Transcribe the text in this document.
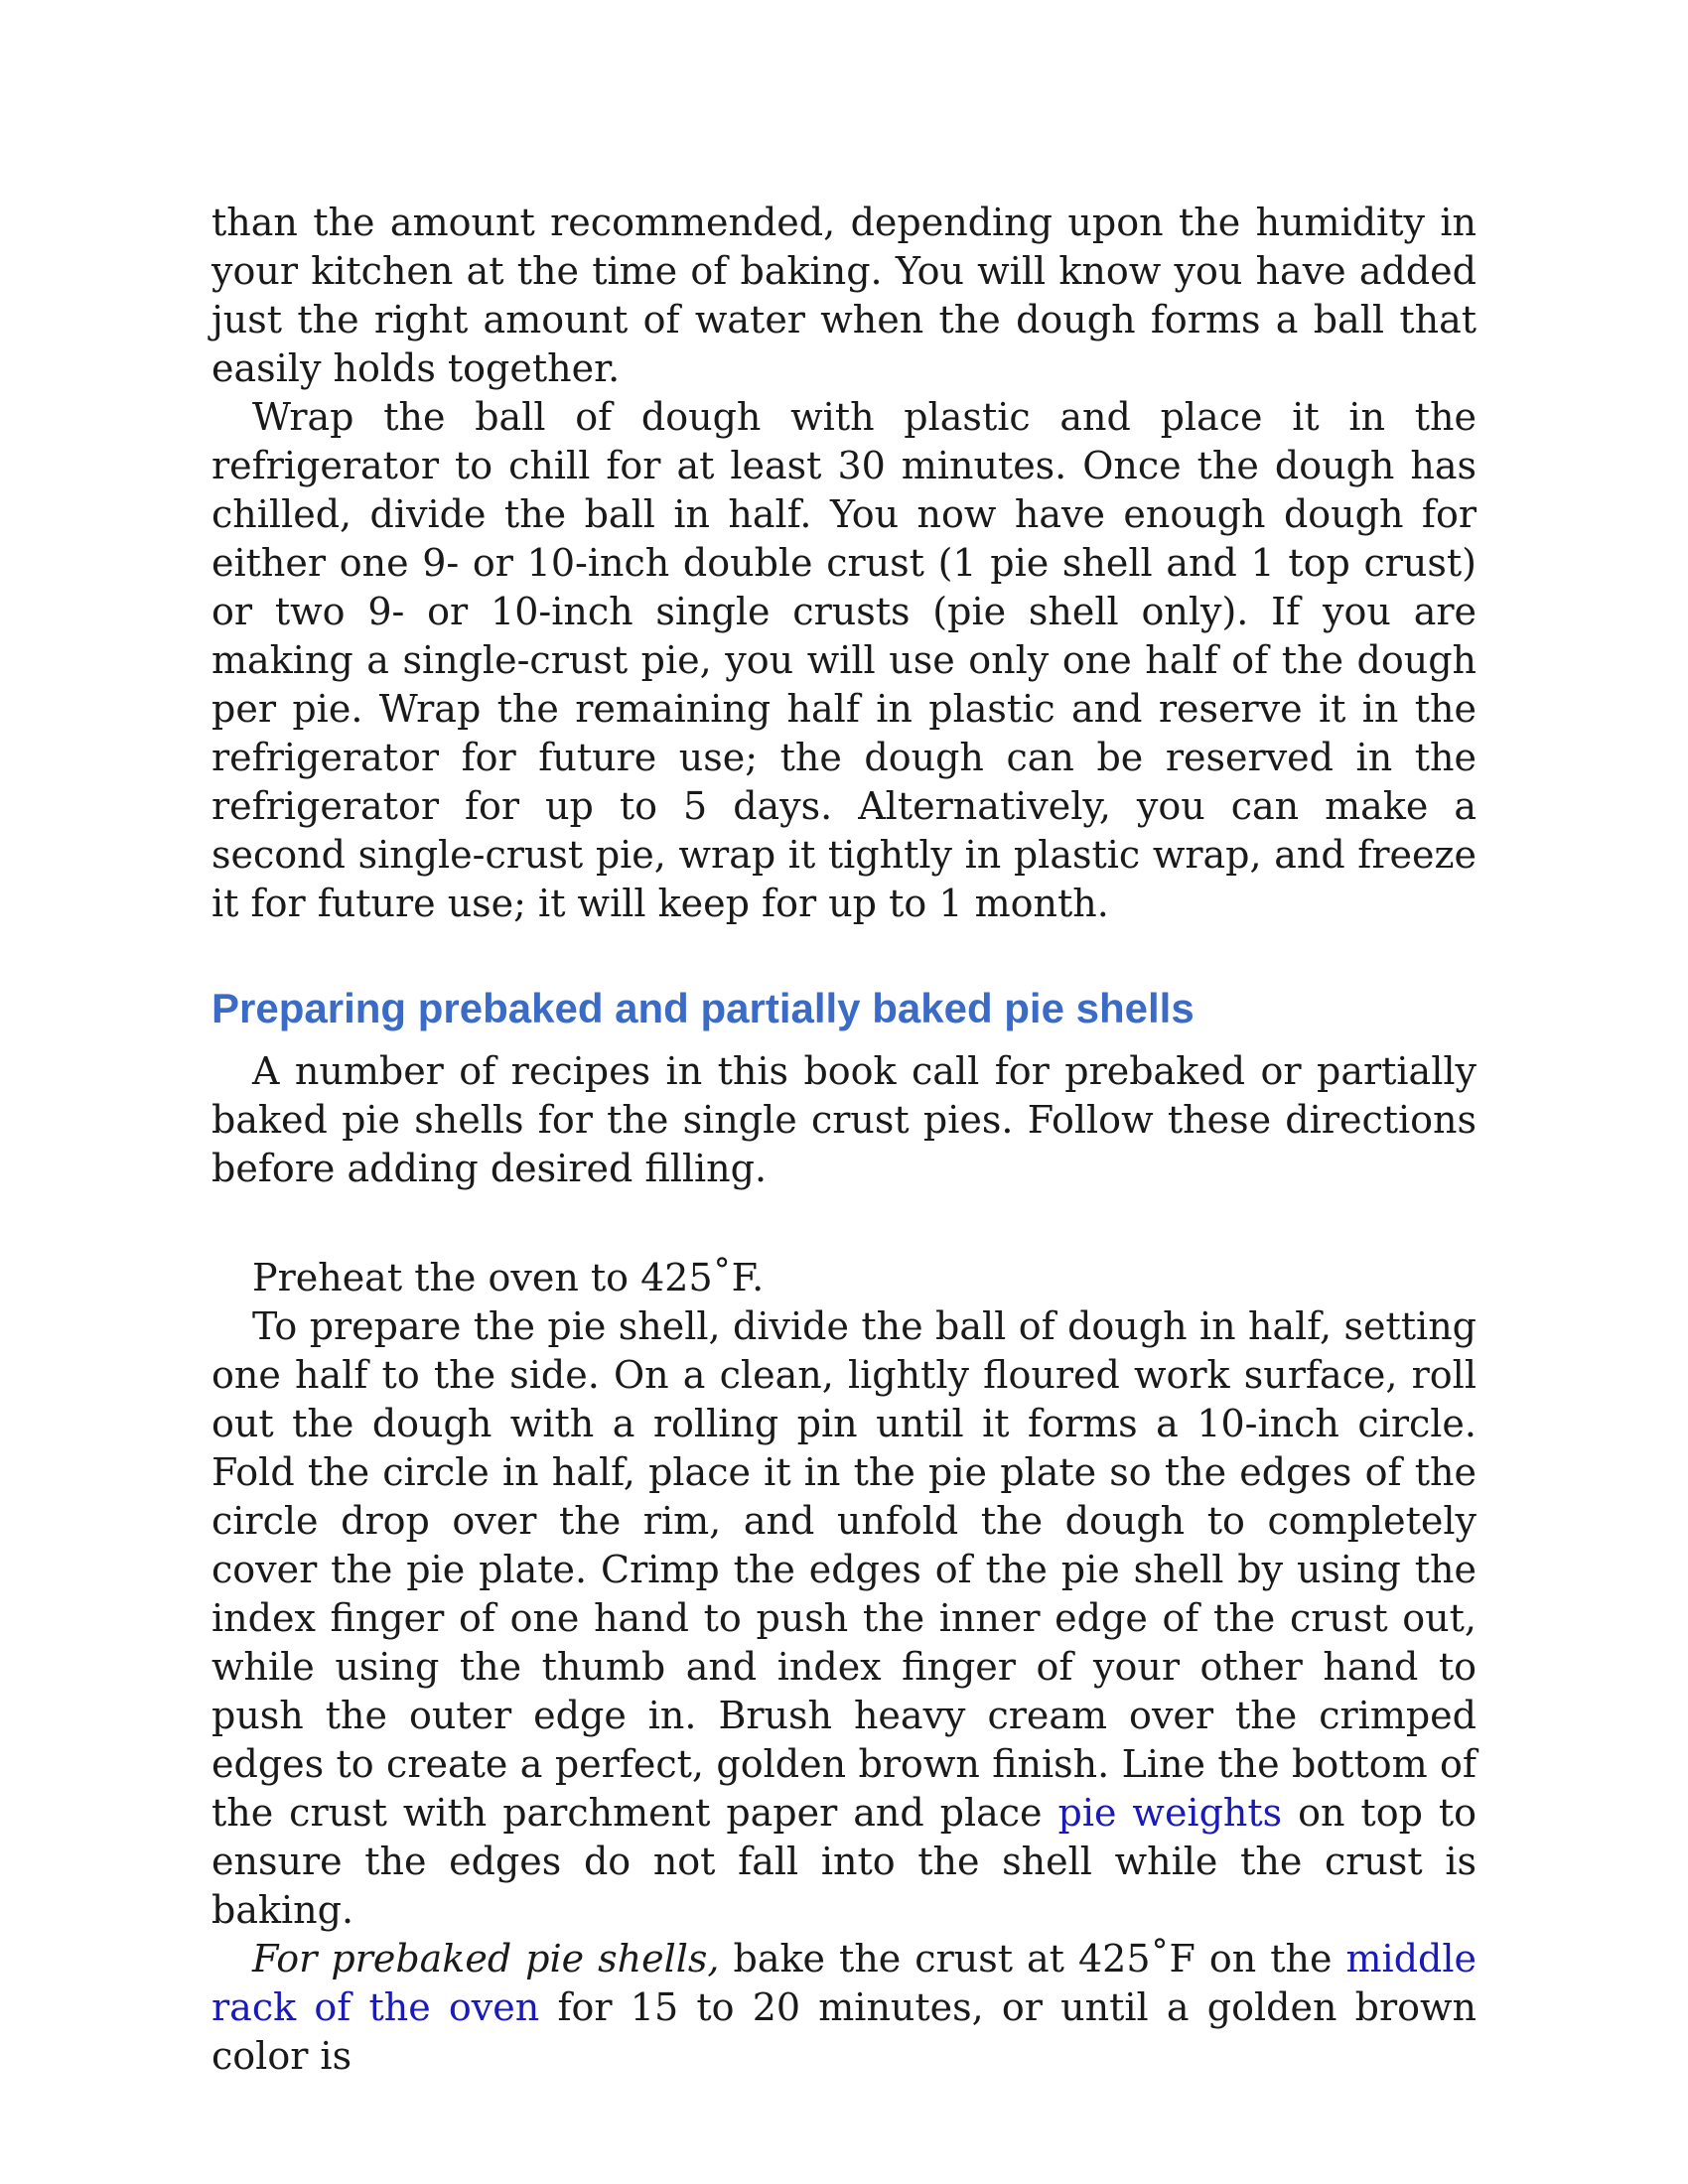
than the amount recommended, depending upon the humidity in your kitchen at the time of baking. You will know you have added just the right amount of water when the dough forms a ball that easily holds together.

Wrap the ball of dough with plastic and place it in the refrigerator to chill for at least 30 minutes. Once the dough has chilled, divide the ball in half. You now have enough dough for either one 9- or 10-inch double crust (1 pie shell and 1 top crust) or two 9- or 10-inch single crusts (pie shell only). If you are making a single-crust pie, you will use only one half of the dough per pie. Wrap the remaining half in plastic and reserve it in the refrigerator for future use; the dough can be reserved in the refrigerator for up to 5 days. Alternatively, you can make a second single-crust pie, wrap it tightly in plastic wrap, and freeze it for future use; it will keep for up to 1 month.

Preparing prebaked and partially baked pie shells

A number of recipes in this book call for prebaked or partially baked pie shells for the single crust pies. Follow these directions before adding desired filling.

Preheat the oven to 425˚F.

To prepare the pie shell, divide the ball of dough in half, setting one half to the side. On a clean, lightly floured work surface, roll out the dough with a rolling pin until it forms a 10-inch circle. Fold the circle in half, place it in the pie plate so the edges of the circle drop over the rim, and unfold the dough to completely cover the pie plate. Crimp the edges of the pie shell by using the index finger of one hand to push the inner edge of the crust out, while using the thumb and index finger of your other hand to push the outer edge in. Brush heavy cream over the crimped edges to create a perfect, golden brown finish. Line the bottom of the crust with parchment paper and place pie weights on top to ensure the edges do not fall into the shell while the crust is baking.

For prebaked pie shells, bake the crust at 425˚F on the middle rack of the oven for 15 to 20 minutes, or until a golden brown color is
